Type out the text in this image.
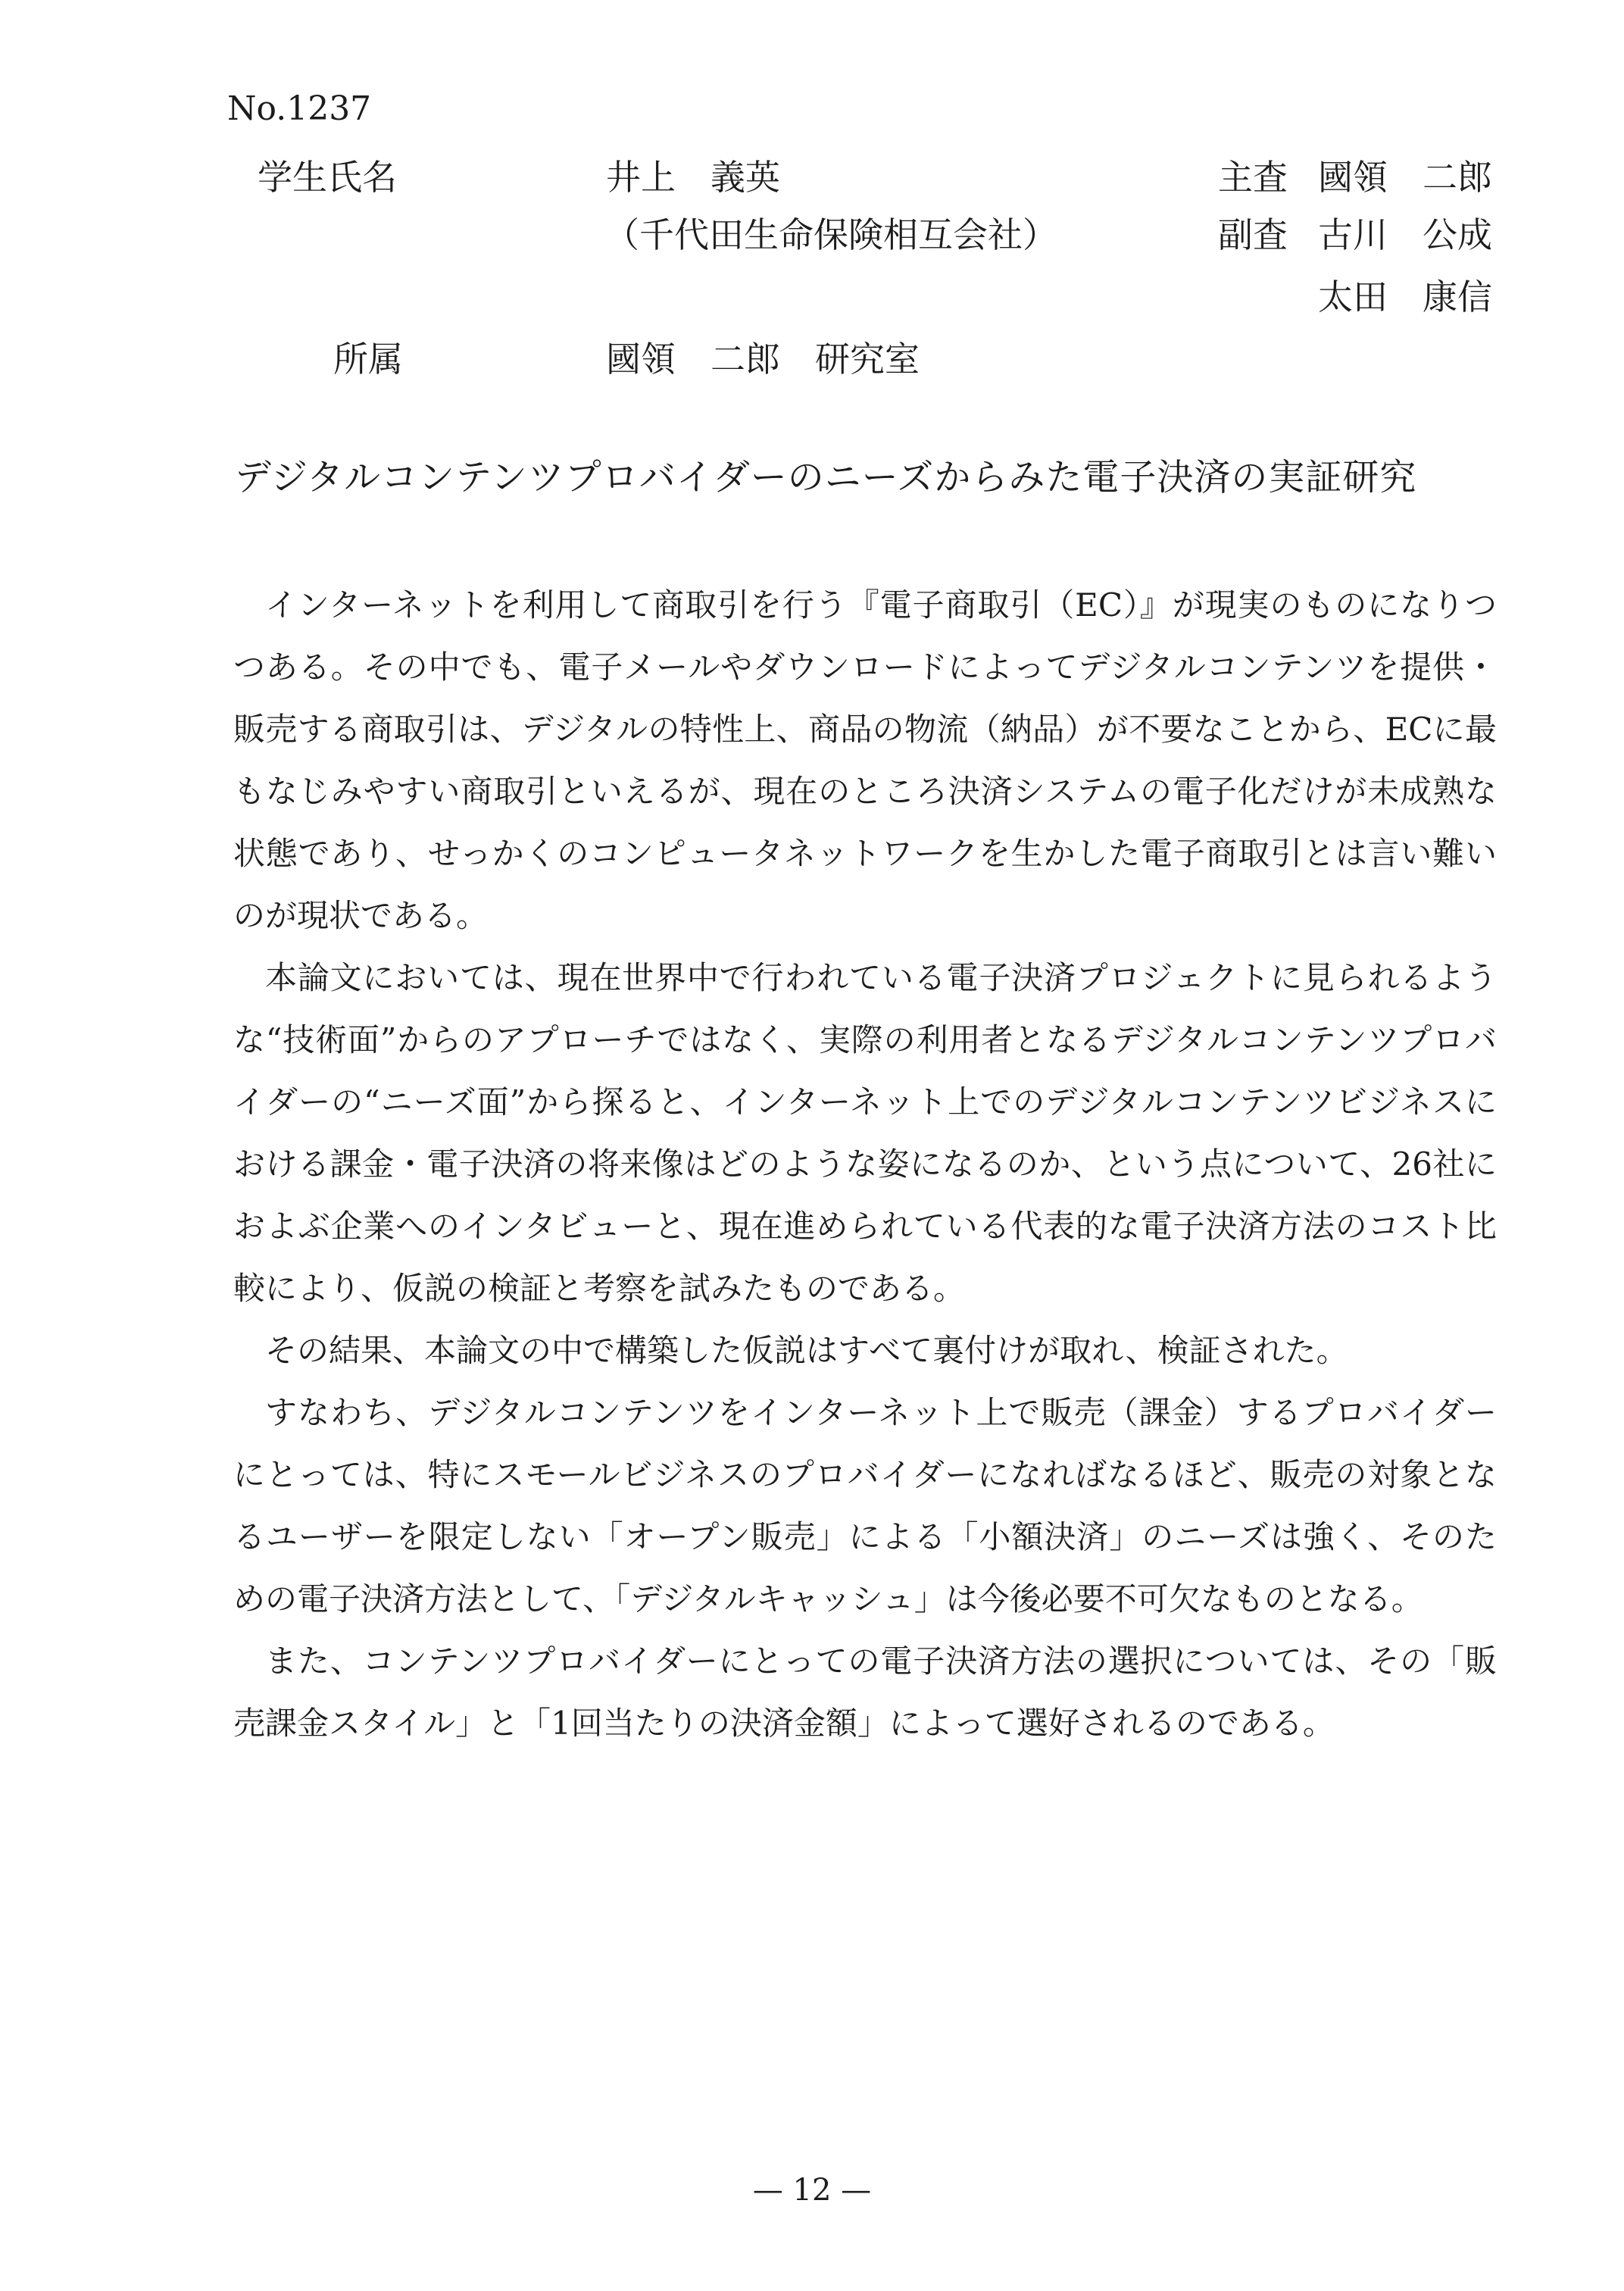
No.1237
学生氏名	井上　義英
（千代田生命保険相互会社）
主査 國領　二郎
副査 古川　公成
太田　康信
所属	國領　二郎　研究室
デジタルコンテンツプロバイダーのニーズからみた電子決済の実証研究

インターネットを利用して商取引を行う『電子商取引（EC）』が現実のものになりつつある。その中でも、電子メールやダウンロードによってデジタルコンテンツを提供・販売する商取引は、デジタルの特性上、商品の物流（納品）が不要なことから、ECに最もなじみやすい商取引といえるが、現在のところ決済システムの電子化だけが未成熟な状態であり、せっかくのコンピュータネットワークを生かした電子商取引とは言い難いのが現状である。

本論文においては、現在世界中で行われている電子決済プロジェクトに見られるような“技術面”からのアプローチではなく、実際の利用者となるデジタルコンテンツプロバイダーの“ニーズ面”から探ると、インターネット上でのデジタルコンテンツビジネスにおける課金・電子決済の将来像はどのような姿になるのか、という点について、26社におよぶ企業へのインタビューと、現在進められている代表的な電子決済方法のコスト比較により、仮説の検証と考察を試みたものである。

その結果、本論文の中で構築した仮説はすべて裏付けが取れ、検証された。

すなわち、デジタルコンテンツをインターネット上で販売（課金）するプロバイダーにとっては、特にスモールビジネスのプロバイダーになればなるほど、販売の対象となるユーザーを限定しない「オープン販売」による「小額決済」のニーズは強く、そのための電子決済方法として、「デジタルキャッシュ」は今後必要不可欠なものとなる。

また、コンテンツプロバイダーにとっての電子決済方法の選択については、その「販売課金スタイル」と「1回当たりの決済金額」によって選好されるのである。

— 12 —
